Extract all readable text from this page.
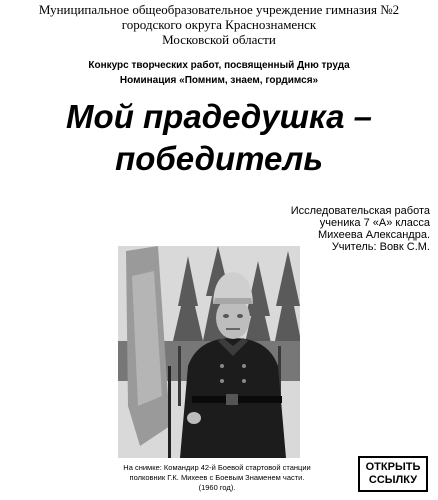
Муниципальное общеобразовательное учреждение гимназия №2
городского округа Краснознаменск
Московской области
Конкурс творческих работ, посвященный Дню труда
Номинация «Помним, знаем, гордимся»
Мой прадедушка –
победитель
Исследовательская работа
ученика 7 «А» класса
Михеева Александра.
Учитель: Вовк С.М.
На снимке: Командир 42-й Боевой стартовой станции
полковник Г.К. Михеев с Боевым Знаменем части.
(1960 год).
ОТКРЫТЬ
ССЫЛКУ
